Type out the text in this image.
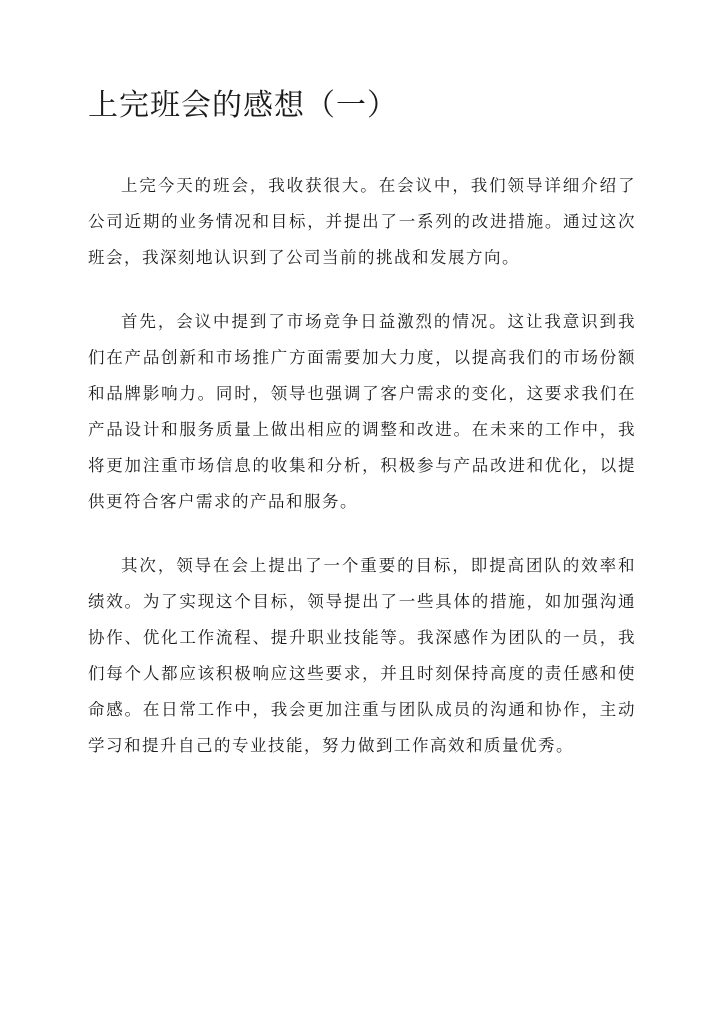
上完班会的感想（一）

上完今天的班会，我收获很大。在会议中，我们领导详细介绍了公司近期的业务情况和目标，并提出了一系列的改进措施。通过这次班会，我深刻地认识到了公司当前的挑战和发展方向。

首先，会议中提到了市场竞争日益激烈的情况。这让我意识到我们在产品创新和市场推广方面需要加大力度，以提高我们的市场份额和品牌影响力。同时，领导也强调了客户需求的变化，这要求我们在产品设计和服务质量上做出相应的调整和改进。在未来的工作中，我将更加注重市场信息的收集和分析，积极参与产品改进和优化，以提供更符合客户需求的产品和服务。

其次，领导在会上提出了一个重要的目标，即提高团队的效率和绩效。为了实现这个目标，领导提出了一些具体的措施，如加强沟通协作、优化工作流程、提升职业技能等。我深感作为团队的一员，我们每个人都应该积极响应这些要求，并且时刻保持高度的责任感和使命感。在日常工作中，我会更加注重与团队成员的沟通和协作，主动学习和提升自己的专业技能，努力做到工作高效和质量优秀。
